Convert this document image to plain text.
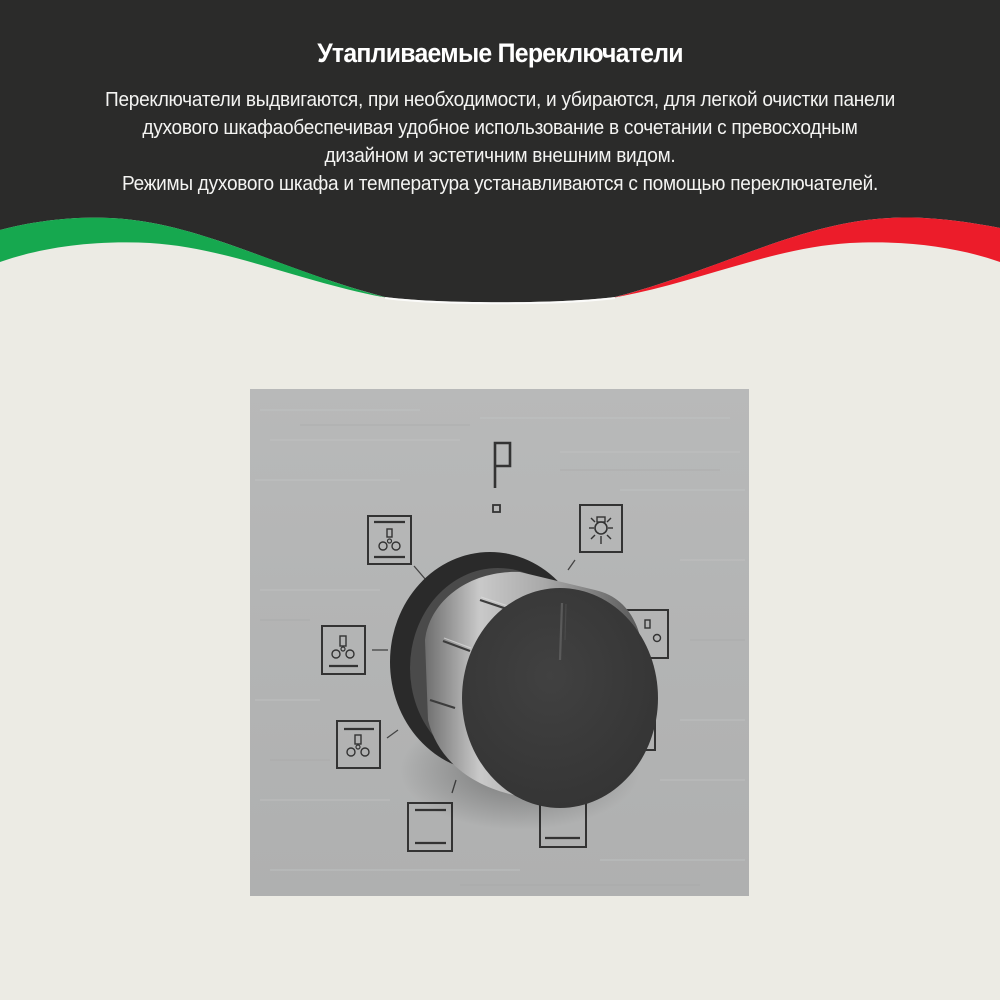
Утапливаемые Переключатели
Переключатели выдвигаются, при необходимости, и убираются, для легкой очистки панели
духового шкафаобеспечивая удобное использование в сочетании с превосходным
дизайном и эстетичним внешним видом.
Режимы духового шкафа и температура устанавливаются с помощью переключателей.
